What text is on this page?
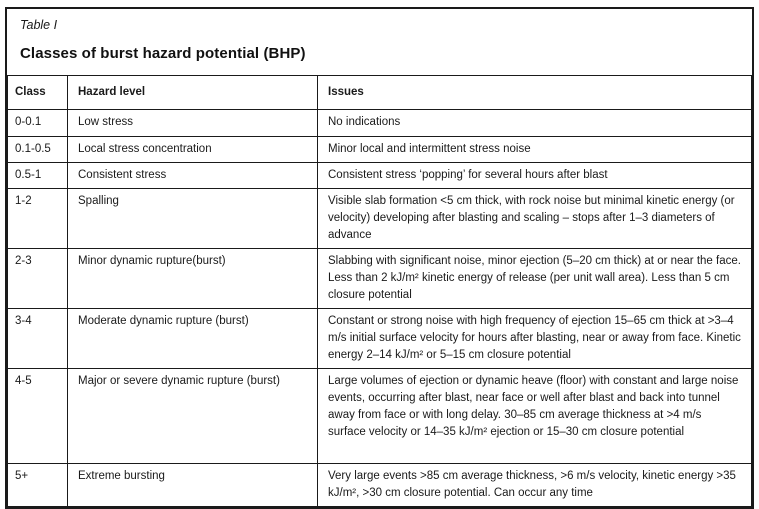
Table I
Classes of burst hazard potential (BHP)
Class	Hazard level	Issues
0-0.1	Low stress	No indications
0.1-0.5	Local stress concentration	Minor local and intermittent stress noise
0.5-1	Consistent stress	Consistent stress ‘popping’ for several hours after blast
1-2	Spalling	Visible slab formation <5 cm thick, with rock noise but minimal kinetic energy (or velocity) developing after blasting and scaling – stops after 1–3 diameters of advance
2-3	Minor dynamic rupture(burst)	Slabbing with significant noise, minor ejection (5–20 cm thick) at or near the face. Less than 2 kJ/m² kinetic energy of release (per unit wall area). Less than 5 cm closure potential
3-4	Moderate dynamic rupture (burst)	Constant or strong noise with high frequency of ejection 15–65 cm thick at >3–4 m/s initial surface velocity for hours after blasting, near or away from face. Kinetic energy 2–14 kJ/m² or 5–15 cm closure potential
4-5	Major or severe dynamic rupture (burst)	Large volumes of ejection or dynamic heave (floor) with constant and large noise events, occurring after blast, near face or well after blast and back into tunnel away from face or with long delay. 30–85 cm average thickness at >4 m/s surface velocity or 14–35 kJ/m² ejection or 15–30 cm closure potential
5+	Extreme bursting	Very large events >85 cm average thickness, >6 m/s velocity, kinetic energy >35 kJ/m², >30 cm closure potential. Can occur any time
